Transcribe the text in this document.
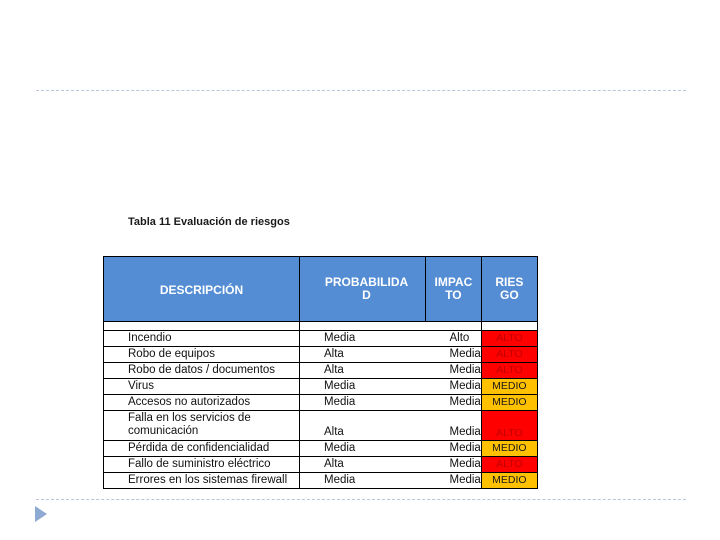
Tabla 11 Evaluación de riesgos
DESCRIPCIÓN	PROBABILIDAD	IMPACTO	RIESGO

Incendio	Media	Alto	ALTO
Robo de equipos	Alta	Media	ALTO
Robo de datos / documentos	Alta	Media	ALTO
Virus	Media	Media	MEDIO
Accesos no autorizados	Media	Media	MEDIO
Falla en los servicios de comunicación	Alta	Media	ALTO
Pérdida de confidencialidad	Media	Media	MEDIO
Fallo de suministro eléctrico	Alta	Media	ALTO
Errores en los sistemas firewall	Media	Media	MEDIO
